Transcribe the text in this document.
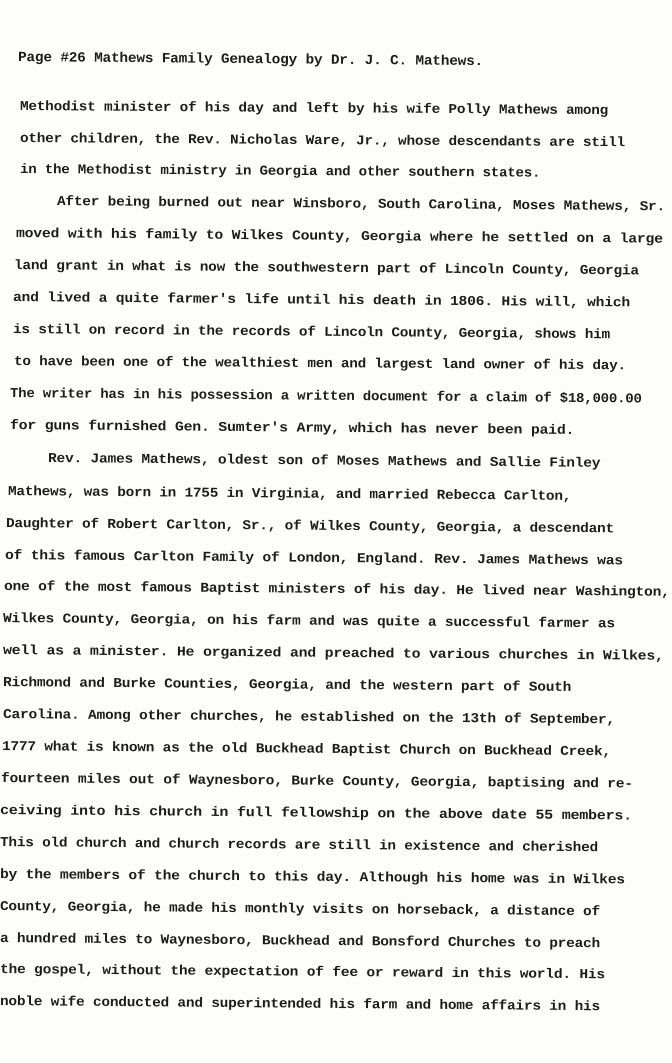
Page #26 Mathews Family Genealogy by Dr. J. C. Mathews.
Methodist minister of his day and left by his wife Polly Mathews among
other children, the Rev. Nicholas Ware, Jr., whose descendants are still
in the Methodist ministry in Georgia and other southern states.
After being burned out near Winsboro, South Carolina, Moses Mathews, Sr.
moved with his family to Wilkes County, Georgia where he settled on a large
land grant in what is now the southwestern part of Lincoln County, Georgia
and lived a quite farmer's life until his death in 1806. His will, which
is still on record in the records of Lincoln County, Georgia, shows him
to have been one of the wealthiest men and largest land owner of his day.
The writer has in his possession a written document for a claim of $18,000.00
for guns furnished Gen. Sumter's Army, which has never been paid.
Rev. James Mathews, oldest son of Moses Mathews and Sallie Finley
Mathews, was born in 1755 in Virginia, and married Rebecca Carlton,
Daughter of Robert Carlton, Sr., of Wilkes County, Georgia, a descendant
of this famous Carlton Family of London, England. Rev. James Mathews was
one of the most famous Baptist ministers of his day. He lived near Washington,
Wilkes County, Georgia, on his farm and was quite a successful farmer as
well as a minister. He organized and preached to various churches in Wilkes,
Richmond and Burke Counties, Georgia, and the western part of South
Carolina. Among other churches, he established on the 13th of September,
1777 what is known as the old Buckhead Baptist Church on Buckhead Creek,
fourteen miles out of Waynesboro, Burke County, Georgia, baptising and re-
ceiving into his church in full fellowship on the above date 55 members.
This old church and church records are still in existence and cherished
by the members of the church to this day. Although his home was in Wilkes
County, Georgia, he made his monthly visits on horseback, a distance of
a hundred miles to Waynesboro, Buckhead and Bonsford Churches to preach
the gospel, without the expectation of fee or reward in this world. His
noble wife conducted and superintended his farm and home affairs in his
